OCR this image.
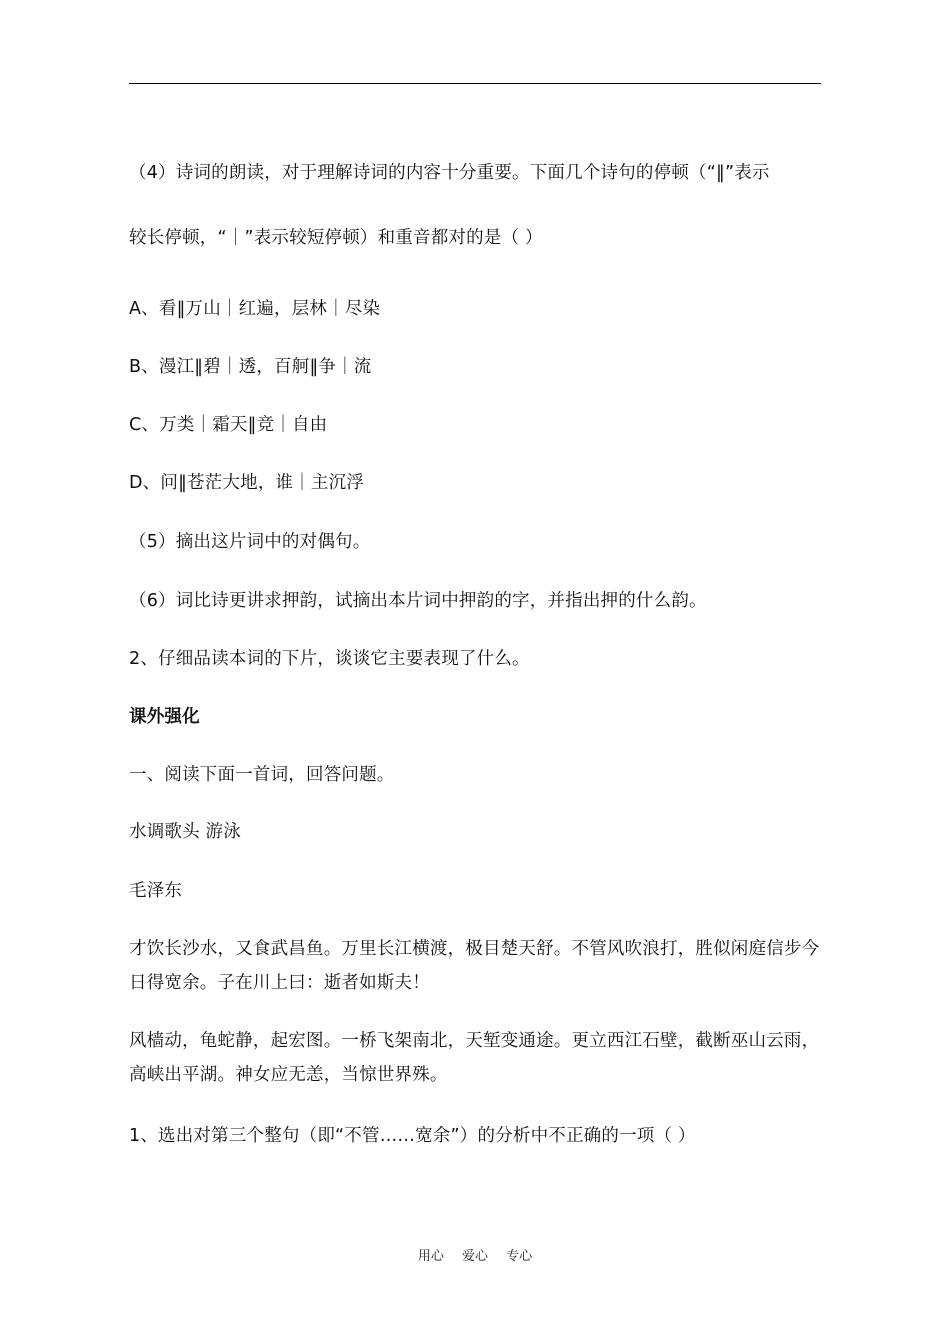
（4）诗词的朗读，对于理解诗词的内容十分重要。下面几个诗句的停顿（“‖”表示
较长停顿，“｜”表示较短停顿）和重音都对的是（ ）
A、看‖万山｜红遍，层林｜尽染
B、漫江‖碧｜透，百舸‖争｜流
C、万类｜霜天‖竞｜自由
D、问‖苍茫大地，谁｜主沉浮
（5）摘出这片词中的对偶句。
（6）词比诗更讲求押韵，试摘出本片词中押韵的字，并指出押的什么韵。
2、仔细品读本词的下片，谈谈它主要表现了什么。
课外强化
一、阅读下面一首词，回答问题。
水调歌头 游泳
毛泽东
才饮长沙水，又食武昌鱼。万里长江横渡，极目楚天舒。不管风吹浪打，胜似闲庭信步今日得宽余。子在川上曰：逝者如斯夫！
风樯动，龟蛇静，起宏图。一桥飞架南北，天堑变通途。更立西江石壁，截断巫山云雨，高峡出平湖。神女应无恙，当惊世界殊。
1、选出对第三个整句（即“不管……宽余”）的分析中不正确的一项（ ）
用心 爱心 专心
